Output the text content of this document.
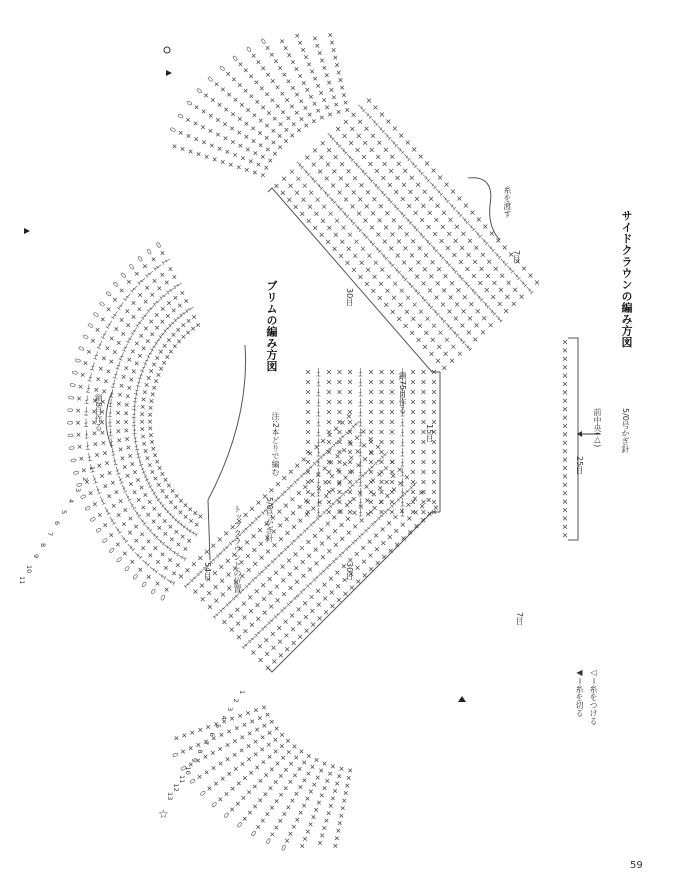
☆
1
2
3
4
5
6
7
8
9
10
11
12
13
1
2
3
4
5
6
7
8
9
10
11
サイドクラウンの編み方図
5/0号かぎ針
前中央(△)
25目
7目
7目
糸を渡す
30目
30目
15目
鎖75目作る
ブリムの編み方図
注:2本どりで編む
5/0号かぎ針
トップクラウンとの位置
54目
鎖8目作る
◁＝糸をつける
◀＝糸を切る
59
